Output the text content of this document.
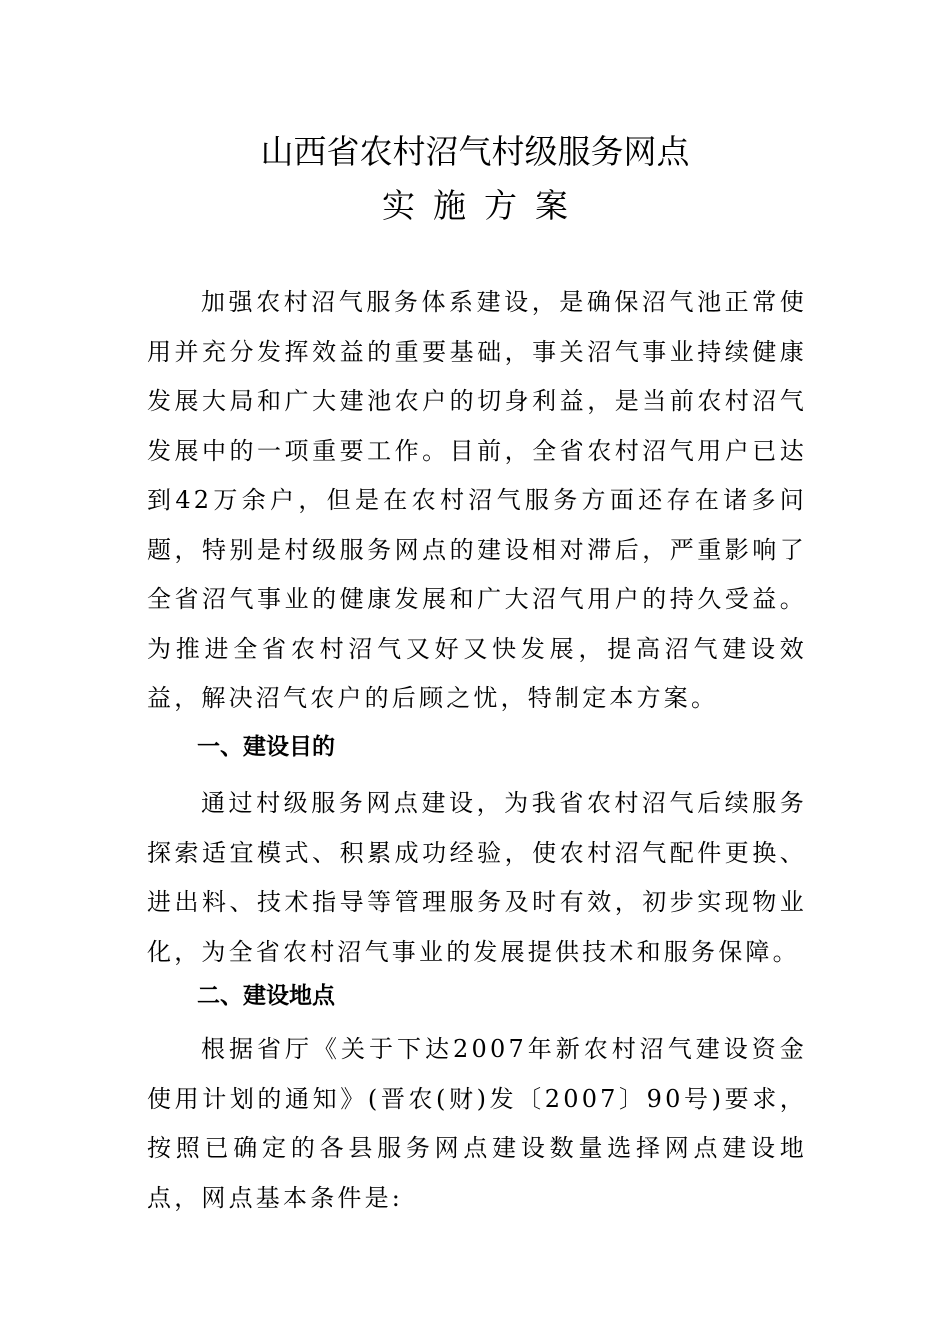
山西省农村沼气村级服务网点
实施方案

加强农村沼气服务体系建设，是确保沼气池正常使用并充分发挥效益的重要基础，事关沼气事业持续健康发展大局和广大建池农户的切身利益，是当前农村沼气发展中的一项重要工作。目前，全省农村沼气用户已达到42万余户，但是在农村沼气服务方面还存在诸多问题，特别是村级服务网点的建设相对滞后，严重影响了全省沼气事业的健康发展和广大沼气用户的持久受益。为推进全省农村沼气又好又快发展，提高沼气建设效益，解决沼气农户的后顾之忧，特制定本方案。

一、建设目的

通过村级服务网点建设，为我省农村沼气后续服务探索适宜模式、积累成功经验，使农村沼气配件更换、进出料、技术指导等管理服务及时有效，初步实现物业化，为全省农村沼气事业的发展提供技术和服务保障。

二、建设地点

根据省厅《关于下达2007年新农村沼气建设资金使用计划的通知》(晋农(财)发〔2007〕90号)要求，按照已确定的各县服务网点建设数量选择网点建设地点，网点基本条件是:
